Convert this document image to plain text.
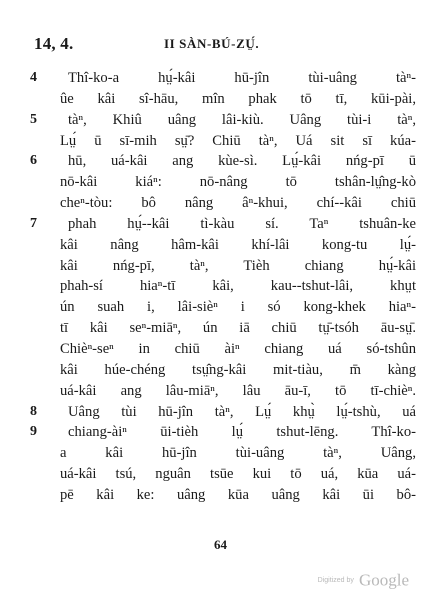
14, 4.	II SÀN-BÚ-ZṲ́.
4	Thî-ko-a hṳ́-kâi hū-jîn tùi-uâng tàⁿ-
ûe kâi sî-hāu, mîn phak tō tī, kūi-pài,
5	tàⁿ, Khiû uâng lâi-kiù. Uâng tùi-i tàⁿ,
Lṳ́ ū sī-mih sṳ̄? Chiū tàⁿ, Uá sit sī kúa-
6	hū, uá-kâi ang kùe-sì. Lṳ́-kâi nńg-pī ū
nō-kâi kiáⁿ: nō-nâng tō tshân-lṳ̂ng-kò
cheⁿ-tòu: bô nâng âⁿ-khui, chí--kâi chiū
7	phah hṳ́--kâi tì-kàu sí. Taⁿ tshuân-ke
kâi nâng hâm-kâi khí-lâi kong-tu lṳ́-
kâi nńg-pī, tàⁿ, Tièh chiang hṳ́-kâi
phah-sí hiaⁿ-tī kâi, kau--tshut-lâi, khṳt
ún suah i, lâi-sièⁿ i só kong-khek hiaⁿ-
tī kâi seⁿ-miāⁿ, ún iā chiū tṳ̄-tsóh āu-sṳ̄.
Chièⁿ-seⁿ in chiū àiⁿ chiang uá só-tshûn
kâi húe-chéng tsṳ̂ng-kâi mit-tiàu, m̄ kàng
uá-kâi ang lâu-miāⁿ, lâu āu-ī, tō tī-chièⁿ.
8	Uâng tùi hū-jîn tàⁿ, Lṳ́ khṳ̀ lṳ́-tshù, uá
9	chiang-àiⁿ ūi-tièh lṳ́ tshut-lēng. Thî-ko-
a kâi hū-jîn tùi-uâng tàⁿ, Uâng,
uá-kâi tsú, nguân tsūe kui tō uá, kūa uá-
pē kâi ke: uâng kūa uâng kâi ūi bô-
64
Digitized by Google
